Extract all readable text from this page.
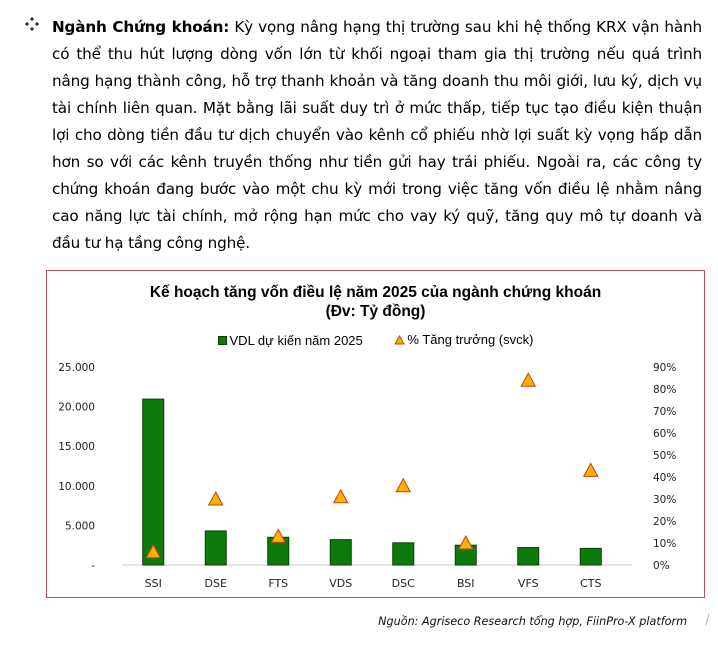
Ngành Chứng khoán: Kỳ vọng nâng hạng thị trường sau khi hệ thống KRX vận hành có thể thu hút lượng dòng vốn lớn từ khối ngoại tham gia thị trường nếu quá trình nâng hạng thành công, hỗ trợ thanh khoản và tăng doanh thu môi giới, lưu ký, dịch vụ tài chính liên quan. Mặt bằng lãi suất duy trì ở mức thấp, tiếp tục tạo điều kiện thuận lợi cho dòng tiền đầu tư dịch chuyển vào kênh cổ phiếu nhờ lợi suất kỳ vọng hấp dẫn hơn so với các kênh truyền thống như tiền gửi hay trái phiếu. Ngoài ra, các công ty chứng khoán đang bước vào một chu kỳ mới trong việc tăng vốn điều lệ nhằm nâng cao năng lực tài chính, mở rộng hạn mức cho vay ký quỹ, tăng quy mô tự doanh và đầu tư hạ tầng công nghệ.
Kế hoạch tăng vốn điều lệ năm 2025 của ngành chứng khoán
(Đv: Tỷ đồng)
VDL dự kiến năm 2025
	% Tăng trưởng (svck)
-
5.000
10.000
15.000
20.000
25.000
0%
10%
20%
30%
40%
50%
60%
70%
80%
90%
SSI	DSE	FTS	VDS	DSC	BSI	VFS	CTS
Nguồn: Agriseco Research tổng hợp, FiinPro-X platform /
